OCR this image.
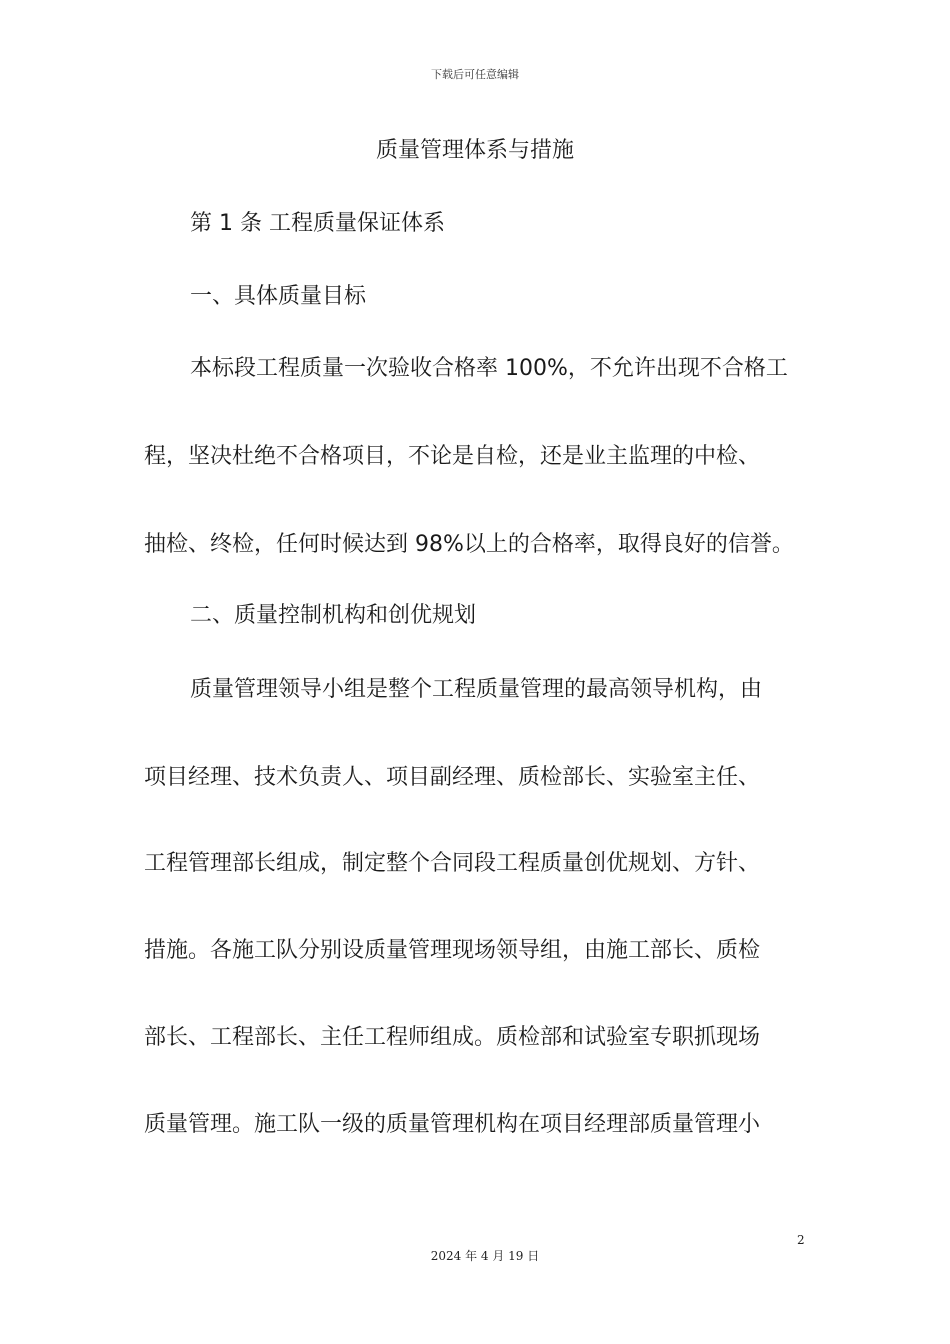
下载后可任意编辑
质量管理体系与措施
第 1 条 工程质量保证体系
一、具体质量目标
本标段工程质量一次验收合格率 100%，不允许出现不合格工
程，坚决杜绝不合格项目，不论是自检，还是业主监理的中检、
抽检、终检，任何时候达到 98%以上的合格率，取得良好的信誉。
二、质量控制机构和创优规划
质量管理领导小组是整个工程质量管理的最高领导机构，由
项目经理、技术负责人、项目副经理、质检部长、实验室主任、
工程管理部长组成，制定整个合同段工程质量创优规划、方针、
措施。各施工队分别设质量管理现场领导组，由施工部长、质检
部长、工程部长、主任工程师组成。质检部和试验室专职抓现场
质量管理。施工队一级的质量管理机构在项目经理部质量管理小
2
2024 年 4 月 19 日
